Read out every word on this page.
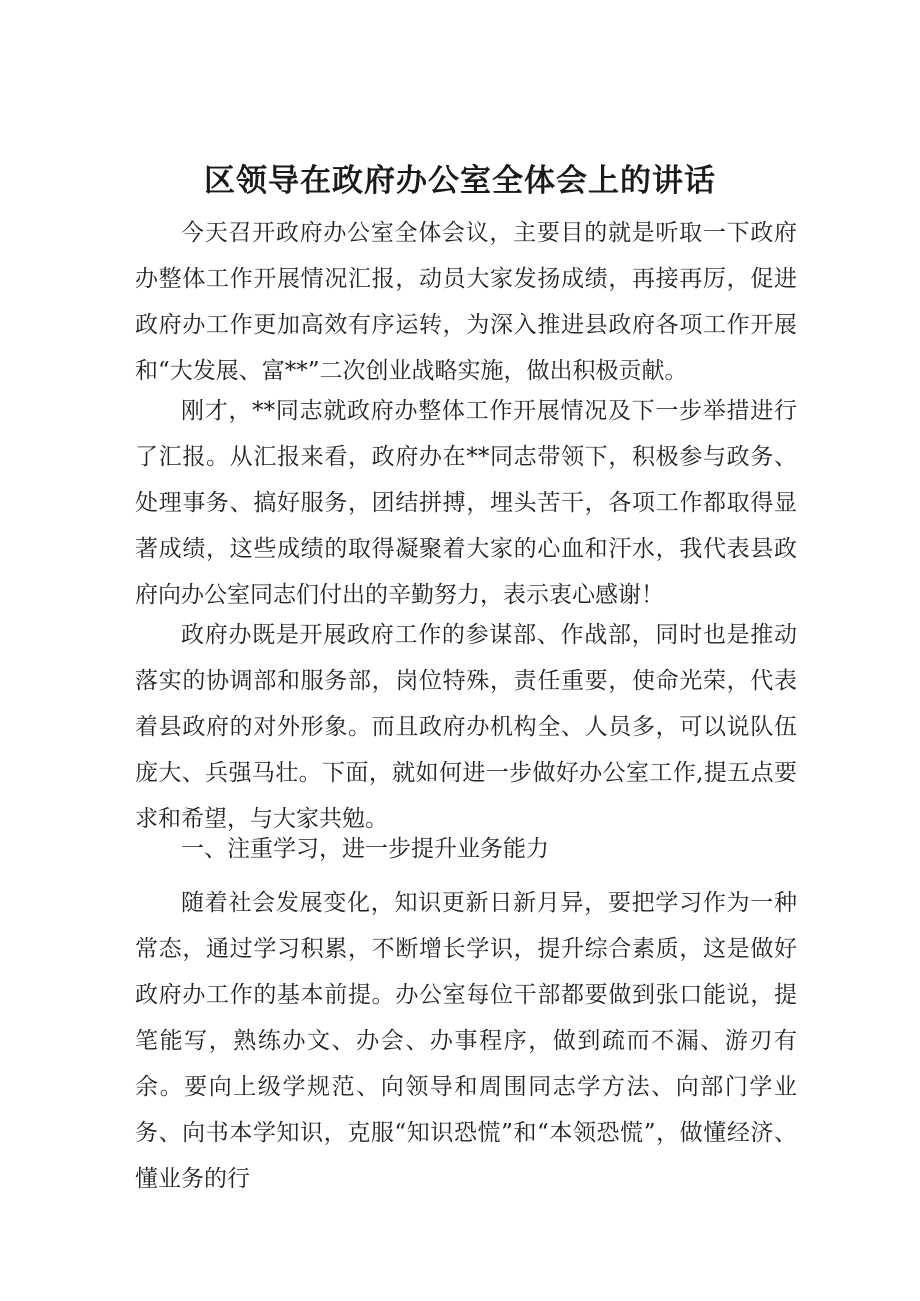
区领导在政府办公室全体会上的讲话

今天召开政府办公室全体会议，主要目的就是听取一下政府办整体工作开展情况汇报，动员大家发扬成绩，再接再厉，促进政府办工作更加高效有序运转，为深入推进县政府各项工作开展和“大发展、富**”二次创业战略实施，做出积极贡献。

刚才，**同志就政府办整体工作开展情况及下一步举措进行了汇报。从汇报来看，政府办在**同志带领下，积极参与政务、处理事务、搞好服务，团结拼搏，埋头苦干，各项工作都取得显著成绩，这些成绩的取得凝聚着大家的心血和汗水，我代表县政府向办公室同志们付出的辛勤努力，表示衷心感谢！

政府办既是开展政府工作的参谋部、作战部，同时也是推动落实的协调部和服务部，岗位特殊，责任重要，使命光荣，代表着县政府的对外形象。而且政府办机构全、人员多，可以说队伍庞大、兵强马壮。下面，就如何进一步做好办公室工作,提五点要求和希望，与大家共勉。

一、注重学习，进一步提升业务能力

随着社会发展变化，知识更新日新月异，要把学习作为一种常态，通过学习积累，不断增长学识，提升综合素质，这是做好政府办工作的基本前提。办公室每位干部都要做到张口能说，提笔能写，熟练办文、办会、办事程序，做到疏而不漏、游刃有余。要向上级学规范、向领导和周围同志学方法、向部门学业务、向书本学知识，克服“知识恐慌”和“本领恐慌”，做懂经济、懂业务的行
